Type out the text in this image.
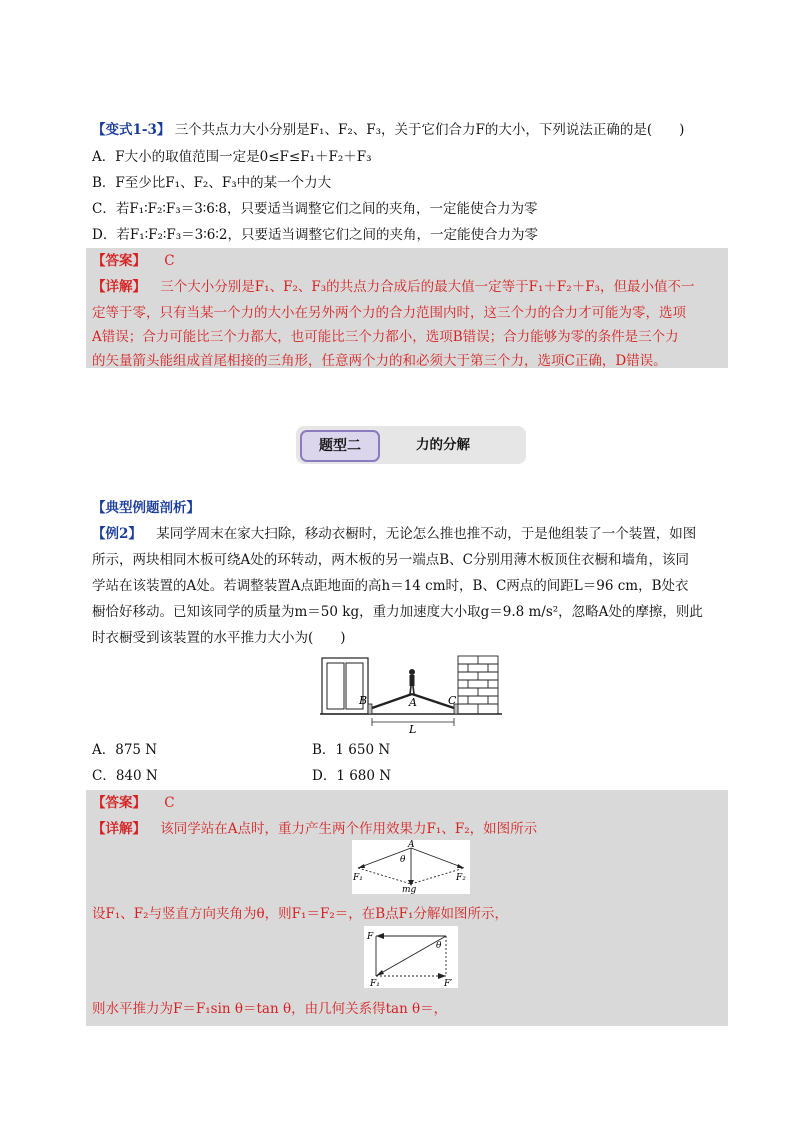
【变式1-3】 三个共点力大小分别是F₁、F₂、F₃，关于它们合力F的大小，下列说法正确的是(　　)
A．F大小的取值范围一定是0≤F≤F₁＋F₂＋F₃
B．F至少比F₁、F₂、F₃中的某一个力大
C．若F₁∶F₂∶F₃＝3∶6∶8，只要适当调整它们之间的夹角，一定能使合力为零
D．若F₁∶F₂∶F₃＝3∶6∶2，只要适当调整它们之间的夹角，一定能使合力为零
【答案】 C
【详解】 三个大小分别是F₁、F₂、F₃的共点力合成后的最大值一定等于F₁＋F₂＋F₃，但最小值不一
定等于零，只有当某一个力的大小在另外两个力的合力范围内时，这三个力的合力才可能为零，选项
A错误；合力可能比三个力都大，也可能比三个力都小，选项B错误；合力能够为零的条件是三个力
的矢量箭头能组成首尾相接的三角形，任意两个力的和必须大于第三个力，选项C正确，D错误。
题型二	力的分解
【典型例题剖析】
【例2】 某同学周末在家大扫除，移动衣橱时，无论怎么推也推不动，于是他组装了一个装置，如图
所示，两块相同木板可绕A处的环转动，两木板的另一端点B、C分别用薄木板顶住衣橱和墙角，该同
学站在该装置的A处。若调整装置A点距地面的高h＝14 cm时，B、C两点的间距L＝96 cm，B处衣
橱恰好移动。已知该同学的质量为m＝50 kg，重力加速度大小取g＝9.8 m/s²，忽略A处的摩擦，则此
时衣橱受到该装置的水平推力大小为(　　)
B	A	C
L
A．875 N	B．1 650 N
C．840 N	D．1 680 N
【答案】 C
【详解】 该同学站在A点时，重力产生两个作用效果力F₁、F₂，如图所示
A
θ
F₁	F₂
mg
设F₁、F₂与竖直方向夹角为θ，则F₁＝F₂＝，在B点F₁分解如图所示，
F
θ
F₁	F′
则水平推力为F＝F₁sin θ＝tan θ，由几何关系得tan θ＝，
